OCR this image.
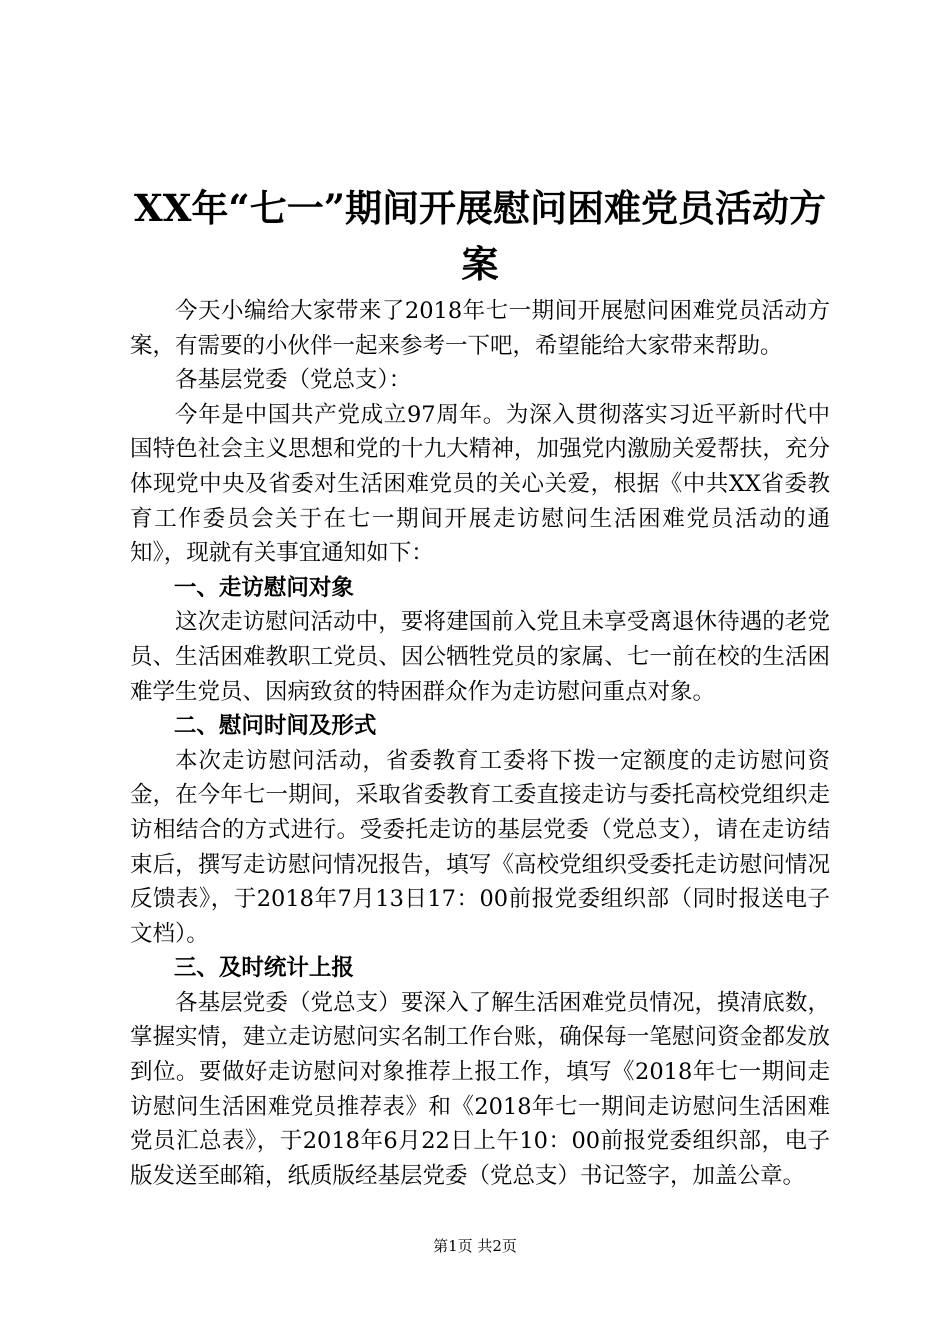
XX年“七一”期间开展慰问困难党员活动方案

今天小编给大家带来了2018年七一期间开展慰问困难党员活动方案，有需要的小伙伴一起来参考一下吧，希望能给大家带来帮助。

各基层党委（党总支）：

今年是中国共产党成立97周年。为深入贯彻落实习近平新时代中国特色社会主义思想和党的十九大精神，加强党内激励关爱帮扶，充分体现党中央及省委对生活困难党员的关心关爱，根据《中共XX省委教育工作委员会关于在七一期间开展走访慰问生活困难党员活动的通知》，现就有关事宜通知如下：

一、走访慰问对象

这次走访慰问活动中，要将建国前入党且未享受离退休待遇的老党员、生活困难教职工党员、因公牺牲党员的家属、七一前在校的生活困难学生党员、因病致贫的特困群众作为走访慰问重点对象。

二、慰问时间及形式

本次走访慰问活动，省委教育工委将下拨一定额度的走访慰问资金，在今年七一期间，采取省委教育工委直接走访与委托高校党组织走访相结合的方式进行。受委托走访的基层党委（党总支），请在走访结束后，撰写走访慰问情况报告，填写《高校党组织受委托走访慰问情况反馈表》，于2018年7月13日17：00前报党委组织部（同时报送电子文档）。

三、及时统计上报

各基层党委（党总支）要深入了解生活困难党员情况，摸清底数，掌握实情，建立走访慰问实名制工作台账，确保每一笔慰问资金都发放到位。要做好走访慰问对象推荐上报工作，填写《2018年七一期间走访慰问生活困难党员推荐表》和《2018年七一期间走访慰问生活困难党员汇总表》，于2018年6月22日上午10：00前报党委组织部，电子版发送至邮箱，纸质版经基层党委（党总支）书记签字，加盖公章。

第1页 共2页
